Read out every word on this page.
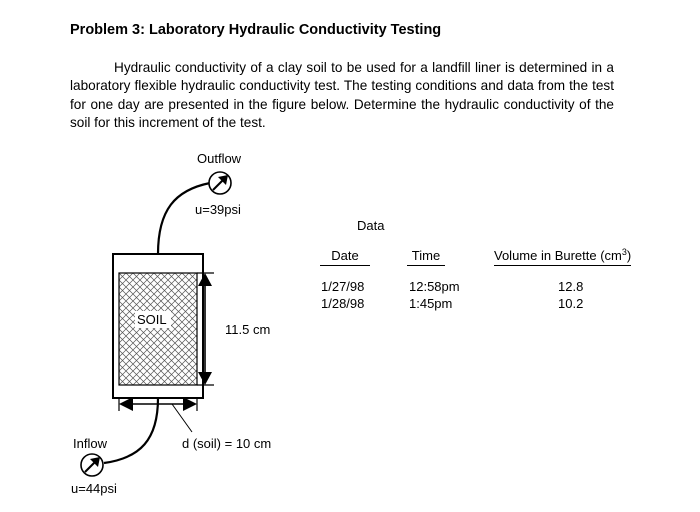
Problem 3: Laboratory Hydraulic Conductivity Testing

Hydraulic conductivity of a clay soil to be used for a landfill liner is determined in a laboratory flexible hydraulic conductivity test. The testing conditions and data from the test for one day are presented in the figure below. Determine the hydraulic conductivity of the soil for this increment of the test.

Outflow
u=39psi
SOIL
11.5 cm
d (soil) = 10 cm
Inflow
u=44psi
Data
Date	Time	Volume in Burette $(cm^3)$
1/27/98	12:58pm	12.8
1/28/98	1:45pm	10.2
